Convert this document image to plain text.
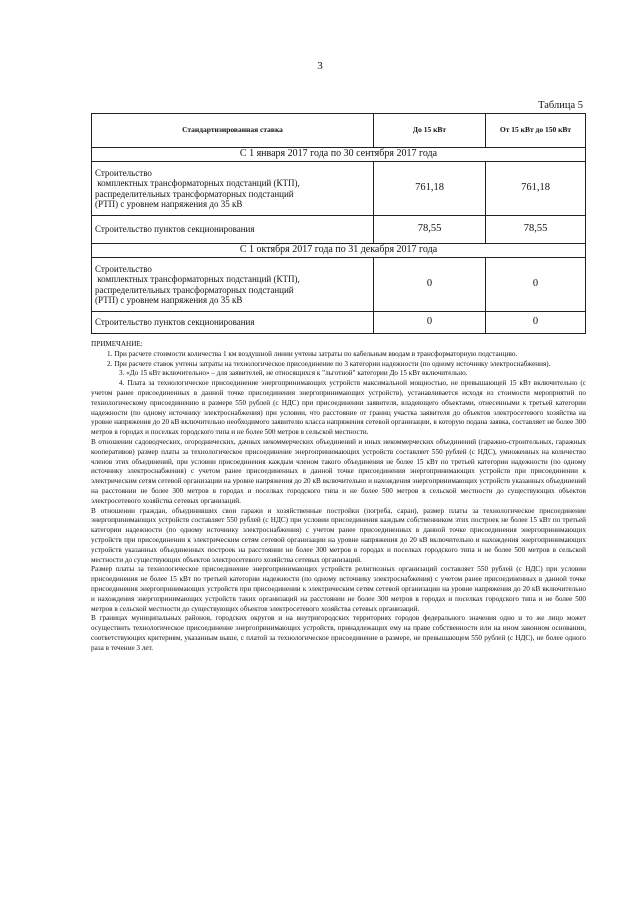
3
Таблица 5
Стандартизированная ставка	До 15 кВт	От 15 кВт до 150 кВт
С 1 января 2017 года по 30 сентября 2017 года		

Строительство
комплектных трансформаторных подстанций (КТП),
распределительных трансформаторных подстанций
(РТП) с уровнем напряжения до 35 кВ	761,18	761,18

Строительство пунктов секционирования	78,55	78,55
С 1 октября 2017 года по 31 декабря 2017 года		

Строительство
комплектных трансформаторных подстанций (КТП),
распределительных трансформаторных подстанций
(РТП) с уровнем напряжения до 35 кВ	0	0

Строительство пунктов секционирования	0	0

ПРИМЕЧАНИЕ:

1. При расчете стоимости количества 1 км воздушной линии учтены затраты по кабельным вводам в трансформаторную подстанцию.

2. При расчете ставок учтены затраты на технологическое присоединение по 3 категории надежности (по одному источнику электроснабжения).

3. «До 15 кВт включительно» – для заявителей, не относящихся к "льготной" категории До 15 кВт включительно.

4. Плата за технологическое присоединение энергопринимающих устройств максимальной мощностью, не превышающей 15 кВт включительно (с учетом ранее присоединенных в данной точке присоединения энергопринимающих устройств), устанавливается исходя из стоимости мероприятий по технологическому присоединению в размере 550 рублей (с НДС) при присоединении заявителя, владеющего объектами, отнесенными к третьей категории надежности (по одному источнику электроснабжения) при условии, что расстояние от границ участка заявителя до объектов электросетевого хозяйства на уровне напряжения до 20 кВ включительно необходимого заявителю класса напряжения сетевой организации, в которую подана заявка, составляет не более 300 метров в городах и поселках городского типа и не более 500 метров в сельской местности.

В отношении садоводческих, огороднических, дачных некоммерческих объединений и иных некоммерческих объединений (гаражно-строительных, гаражных кооперативов) размер платы за технологическое присоединение энергопринимающих устройств составляет 550 рублей (с НДС), умноженных на количество членов этих объединений, при условии присоединения каждым членом такого объединения не более 15 кВт по третьей категории надежности (по одному источнику электроснабжения) с учетом ранее присоединенных в данной точке присоединения энергопринимающих устройств при присоединении к электрическим сетям сетевой организации на уровне напряжения до 20 кВ включительно и нахождения энергопринимающих устройств указанных объединений на расстоянии не более 300 метров в городах и поселках городского типа и не более 500 метров в сельской местности до существующих объектов электросетевого хозяйства сетевых организаций.

В отношении граждан, объединивших свои гаражи и хозяйственные постройки (погреба, сараи), размер платы за технологическое присоединение энергопринимающих устройств составляет 550 рублей (с НДС) при условии присоединения каждым собственником этих построек не более 15 кВт по третьей категории надежности (по одному источнику электроснабжения) с учетом ранее присоединенных в данной точке присоединения энергопринимающих устройств при присоединении к электрическим сетям сетевой организации на уровне напряжения до 20 кВ включительно и нахождения энергопринимающих устройств указанных объединенных построек на расстоянии не более 300 метров в городах и поселках городского типа и не более 500 метров в сельской местности до существующих объектов электросетевого хозяйства сетевых организаций.

Размер платы за технологическое присоединение энергопринимающих устройств религиозных организаций составляет 550 рублей (с НДС) при условии присоединения не более 15 кВт по третьей категории надежности (по одному источнику электроснабжения) с учетом ранее присоединенных в данной точке присоединения энергопринимающих устройств при присоединении к электрическим сетям сетевой организации на уровне напряжения до 20 кВ включительно и нахождения энергопринимающих устройств таких организаций на расстоянии не более 300 метров в городах и поселках городского типа и не более 500 метров в сельской местности до существующих объектов электросетевого хозяйства сетевых организаций.

В границах муниципальных районов, городских округов и на внутригородских территориях городов федерального значения одно и то же лицо может осуществить технологическое присоединение энергопринимающих устройств, принадлежащих ему на праве собственности или на ином законном основании, соответствующих критериям, указанным выше, с платой за технологическое присоединение в размере, не превышающем 550 рублей (с НДС), не более одного раза в течение 3 лет.
